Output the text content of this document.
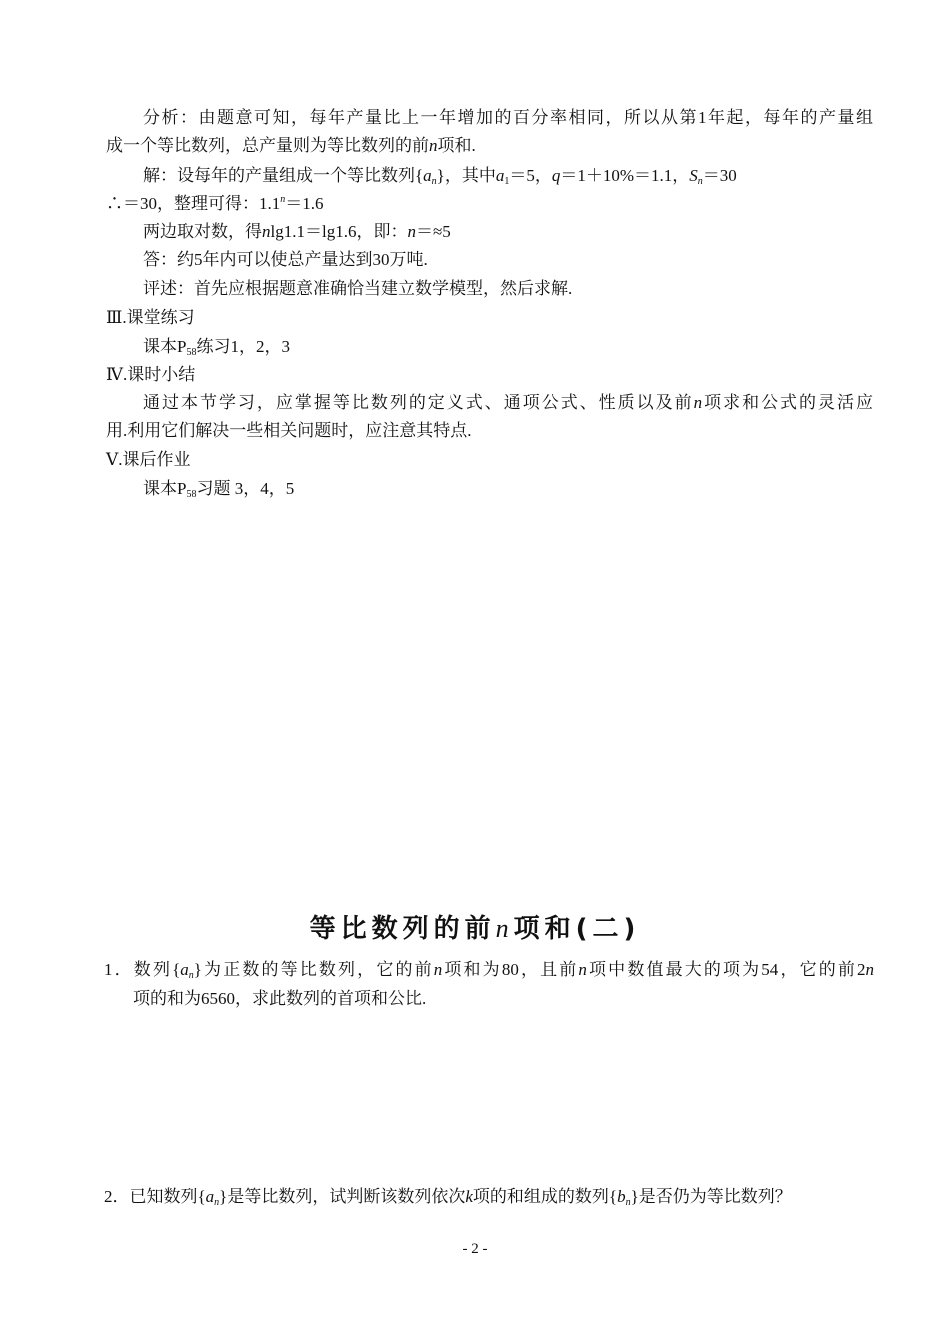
分析：由题意可知，每年产量比上一年增加的百分率相同，所以从第1年起，每年的产量组
成一个等比数列，总产量则为等比数列的前n项和.
解：设每年的产量组成一个等比数列$\{a_n\}$，其中$a_1=5$，q＝1＋10%＝1.1，$S_n=30$
∴＝30，整理可得：$1.1^n=1.6$
两边取对数，得nlg1.1＝lg1.6，即：n＝≈5
答：约5年内可以使总产量达到30万吨.
评述：首先应根据题意准确恰当建立数学模型，然后求解.
Ⅲ.课堂练习
课本$P_{58}$练习1，2，3
Ⅳ.课时小结
通过本节学习，应掌握等比数列的定义式、通项公式、性质以及前n项求和公式的灵活应
用.利用它们解决一些相关问题时，应注意其特点.
Ⅴ.课后作业
课本$P_{58}$习题 3，4，5
等比数列的前n项和(二)
1．数列$\{a_n\}$为正数的等比数列，它的前n项和为80，且前n项中数值最大的项为54，它的前2n
项的和为6560，求此数列的首项和公比.
2．已知数列$\{a_n\}$是等比数列，试判断该数列依次k项的和组成的数列$\{b_n\}$是否仍为等比数列？
- 2 -
